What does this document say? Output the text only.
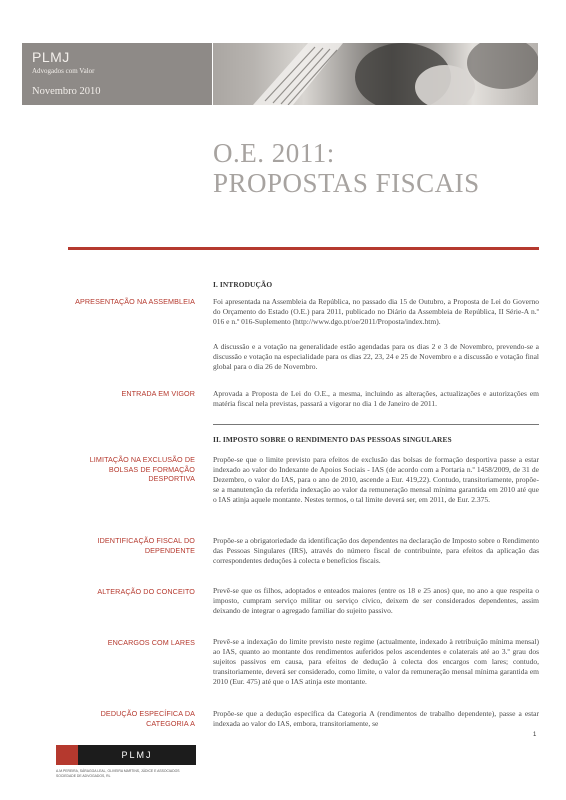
PLMJ
Advogados com Valor
Novembro 2010
O.E. 2011:
PROPOSTAS FISCAIS
I. INTRODUÇÃO
APRESENTAÇÃO NA ASSEMBLEIA Foi apresentada na Assembleia da República, no passado dia 15 de Outubro, a Proposta de Lei do Governo do Orçamento do Estado (O.E.) para 2011, publicado no Diário da Assembleia de República, II Série-A n.º 016 e n.º 016-Suplemento (http://www.dgo.pt/oe/2011/Proposta/index.htm).
A discussão e a votação na generalidade estão agendadas para os dias 2 e 3 de Novembro, prevendo-se a discussão e votação na especialidade para os dias 22, 23, 24 e 25 de Novembro e a discussão e votação final global para o dia 26 de Novembro.
ENTRADA EM VIGOR Aprovada a Proposta de Lei do O.E., a mesma, incluindo as alterações, actualizações e autorizações em matéria fiscal nela previstas, passará a vigorar no dia 1 de Janeiro de 2011.
II. IMPOSTO SOBRE O RENDIMENTO DAS PESSOAS SINGULARES
LIMITAÇÃO NA EXCLUSÃO DE BOLSAS DE FORMAÇÃO DESPORTIVA
Propõe-se que o limite previsto para efeitos de exclusão das bolsas de formação desportiva passe a estar indexado ao valor do Indexante de Apoios Sociais - IAS (de acordo com a Portaria n.º 1458/2009, de 31 de Dezembro, o valor do IAS, para o ano de 2010, ascende a Eur. 419,22). Contudo, transitoriamente, propõe-se a manutenção da referida indexação ao valor da remuneração mensal mínima garantida em 2010 até que o IAS atinja aquele montante. Nestes termos, o tal limite deverá ser, em 2011, de Eur. 2.375.
IDENTIFICAÇÃO FISCAL DO DEPENDENTE
Propõe-se a obrigatoriedade da identificação dos dependentes na declaração de Imposto sobre o Rendimento das Pessoas Singulares (IRS), através do número fiscal de contribuinte, para efeitos da aplicação das correspondentes deduções à colecta e benefícios fiscais.
ALTERAÇÃO DO CONCEITO Prevê-se que os filhos, adoptados e enteados maiores (entre os 18 e 25 anos) que, no ano a que respeita o imposto, cumpram serviço militar ou serviço cívico, deixem de ser considerados dependentes, assim deixando de integrar o agregado familiar do sujeito passivo.
ENCARGOS COM LARES Prevê-se a indexação do limite previsto neste regime (actualmente, indexado à retribuição mínima mensal) ao IAS, quanto ao montante dos rendimentos auferidos pelos ascendentes e colaterais até ao 3.º grau dos sujeitos passivos em causa, para efeitos de dedução à colecta dos encargos com lares; contudo, transitoriamente, deverá ser considerado, como limite, o valor da remuneração mensal mínima garantida em 2010 (Eur. 475) até que o IAS atinja este montante.
DEDUÇÃO ESPECÍFICA DA CATEGORIA A
Propõe-se que a dedução específica da Categoria A (rendimentos de trabalho dependente), passe a estar indexada ao valor do IAS, embora, transitoriamente, se
1
PLMJ
A.M.PEREIRA, SÁRAGGA LEAL, OLIVEIRA MARTINS, JÚDICE E ASSOCIADOS
SOCIEDADE DE ADVOGADOS, RL
